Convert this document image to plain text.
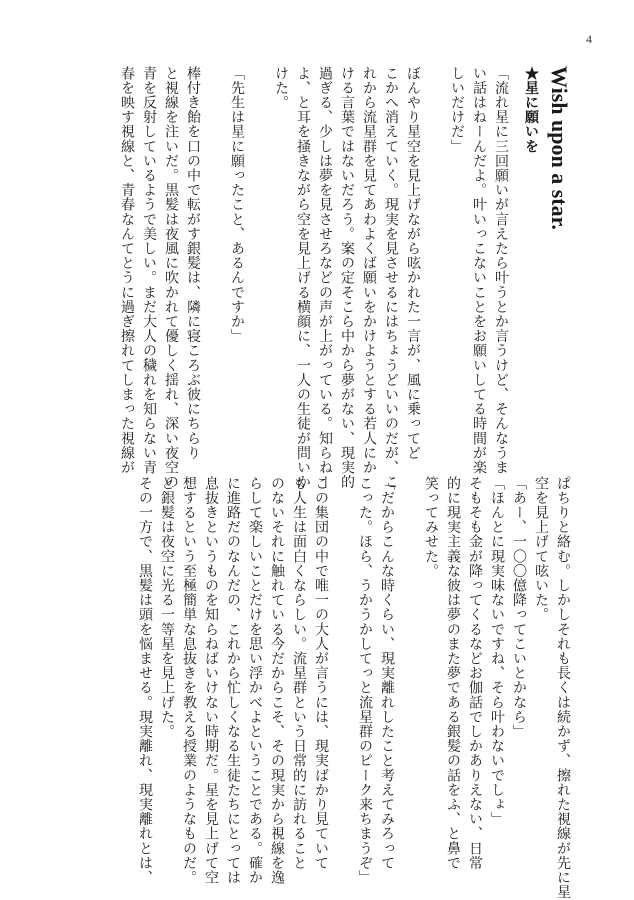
4
Wish upon a star.
★星に願いを
「流れ星に三回願いが言えたら叶うとか言うけど、そんなうま
い話はねーんだよ。叶いっこないことをお願いしてる時間が楽
しいだけだ」
ぼんやり星空を見上げながら呟かれた一言が、風に乗ってど
こかへ消えていく。現実を見させるにはちょうどいいのだが、こ
れから流星群を見てあわよくば願いをかけようとする若人にか
ける言葉ではないだろう。案の定そこら中から夢がない、現実的
過ぎる、少しは夢を見させろなどの声が上がっている。知らねー
よ、と耳を掻きながら空を見上げる横顔に、一人の生徒が問いか
けた。
「先生は星に願ったこと、あるんですか」
棒付き飴を口の中で転がす銀髪は、隣に寝ころぶ彼にちらり
と視線を注いだ。黒髪は夜風に吹かれて優しく揺れ、深い夜空の
青を反射しているようで美しい。まだ大人の穢れを知らない青
春を映す視線と、青春なんてとうに過ぎ擦れてしまった視線が
ぱちりと絡む。しかしそれも長くは続かず、擦れた視線が先に星
空を見上げて呟いた。
「あー、一〇〇億降ってこいとかなら」
「ほんとに現実味ないですね、そら叶わないでしょ」
そもそも金が降ってくるなどお伽話でしかありえない、日常
的に現実主義な彼は夢のまた夢である銀髪の話をふ、と鼻で
笑ってみせた。
「だからこんな時くらい、現実離れしたこと考えてみろって
こった。ほら、うかうかしてっと流星群のピーク来ちまうぞ」
この集団の中で唯一の大人が言うには、現実ばかり見ていて
も人生は面白くならしい。流星群という日常的に訪れること
のないそれに触れている今だからこそ、その現実から視線を逸
らして楽しいことだけを思い浮かべよということである。確か
に進路だのなんだの、これから忙しくなる生徒たちにとっては
息抜きというものを知らねばいけない時期だ。星を見上げて空
想するという至極簡単な息抜きを教える授業のようなものだ。
と銀髪は夜空に光る一等星を見上げた。
その一方で、黒髪は頭を悩ませる。現実離れ、現実離れとは、
